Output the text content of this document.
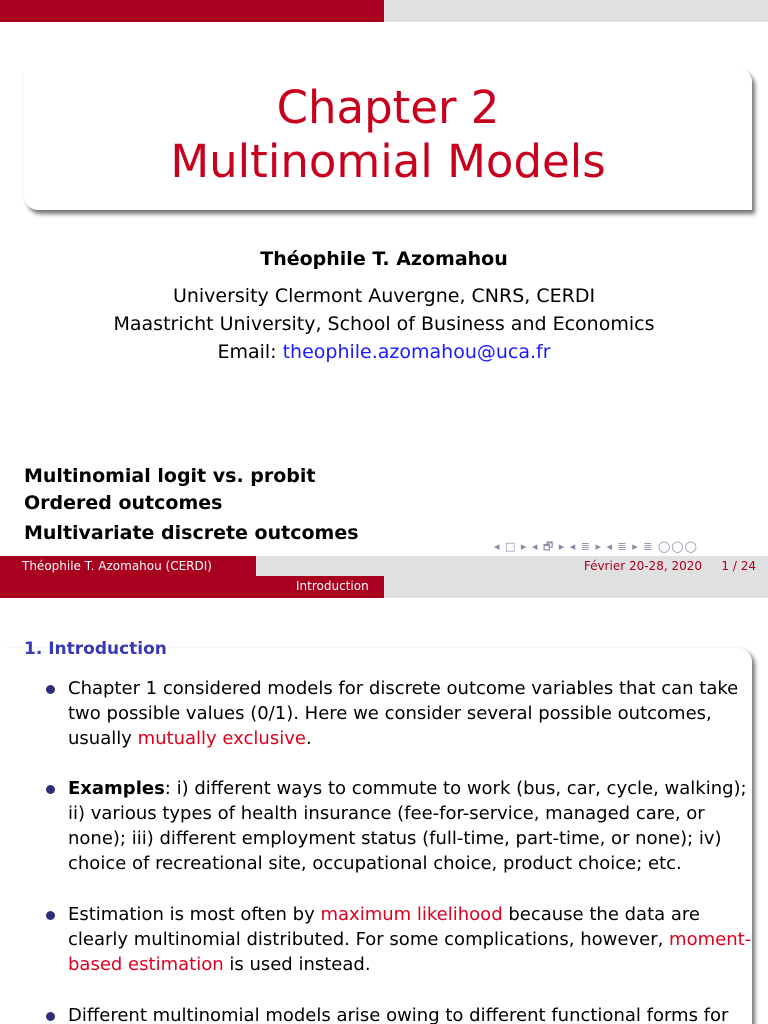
Chapter 2
Multinomial Models
Théophile T. Azomahou
University Clermont Auvergne, CNRS, CERDI
Maastricht University, School of Business and Economics
Email: theophile.azomahou@uca.fr
Multinomial logit vs. probit
Ordered outcomes
Multivariate discrete outcomes
◂ □ ▸ ◂ 🗗 ▸ ◂ ≣ ▸ ◂ ≣ ▸ ≣ ◯◯◯
Théophile T. Azomahou (CERDI)	Février 20-28, 2020	1 / 24
Introduction
1. Introduction
Chapter 1 considered models for discrete outcome variables that can take two possible values (0/1). Here we consider several possible outcomes, usually mutually exclusive.
Examples: i) different ways to commute to work (bus, car, cycle, walking); ii) various types of health insurance (fee-for-service, managed care, or none); iii) different employment status (full-time, part-time, or none); iv) choice of recreational site, occupational choice, product choice; etc.
Estimation is most often by maximum likelihood because the data are clearly multinomial distributed. For some complications, however, moment-based estimation is used instead.
Different multinomial models arise owing to different functional forms for
